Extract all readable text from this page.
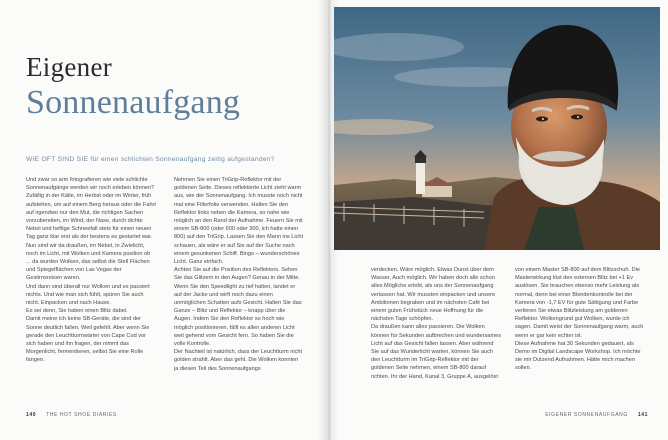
Eigener
Sonnenaufgang
WIE OFT SIND SIE für einen schlichten Sonnenaufgang zeitig aufgestanden?

Und zwar so arm fotografieren wie viele schlichte Sonnenaufgänge werden wir noch erleben können?

Zufällig in der Kälte, im Herbst oder im Winter, früh aufstehen, um auf einem Berg heraus oder die Fahrt auf irgendwo nur den Mut, die richtigen Sachen vorzubereiten, im Wind, der Nase, durch dichte Nebel und heftige Schneefall stets für einen neuen Tag ganz klar erst als der bestens es gestartet war. Nun sind wir da draußen, im Nebel, in Zwielicht, noch im Licht, mit Wolken und Kamera position ob ... da wurden Wolken, das selbst die Stell Flächen und Spiegelflächen von Las Vegas der Gestirnsreisen waren.

Und dann sind überall nur Wolken und es passiert nichts. Und wie man sich fühlt, spüren Sie auch nicht. Einpacken und nach Hause.

Es sei denn, Sie haben einen Blitz dabei.

Damit meine ich keine SB-Geräte, die sind der Sonne deutlich fallen. Weil gefehlt. Aber wenn Sie gerade den Leuchtturmwärter von Cape Cod vor sich haben und ihn fragen, der nimmt das Morgenlicht, fermentieren, selbst Sie eine Rolle fangen.

Nehmen Sie einen TriGrip-Reflektor mit der goldenen Seite. Dieses reflektierte Licht zieht warm aus, wie der Sonnenaufgang. Ich musste noch nicht mal eine Filterfolie verwenden. Halten Sie den Reflektor links neben die Kamera, so nahe wie möglich an den Rand der Aufnahme. Feuern Sie mit einem SB-800 (oder 600 oder 300, ich hatte einen 800) auf den TriGrip. Lassen Sie den Mann ins Licht schauen, als wäre er auf Sie auf der Suche nach einem gesunkenen Schiff. Bingo – wunderschönes Licht. Ganz einfach.

Achten Sie auf die Position des Reflektors. Sehen Sie das Glitzern in den Augen? Genau in der Mitte. Wenn Sie den Speedlight zu tief halten, landet er auf der Jacke und wirft noch dazu einen unmöglichen Schatten aufs Gesicht. Halten Sie das Ganze – Blitz und Reflektor – knapp über die Augen. Indem Sie den Reflektor so hoch wie möglich positionieren, fällt es allen anderen Licht weit gehend vom Gesicht fern. So haben Sie die volle Kontrolle.

Der Nachteil ist natürlich, dass der Leuchtturm nicht golden strahlt. Aber das geht. Die Wolken konnten ja diesen Teil des Sonnenaufgangs

verdecken. Wäre möglich. Etwas Dunst über dem Wasser. Auch möglich. Wir haben doch alle schon alles Mögliche erlebt, als uns der Sonnenaufgang verlassen hat. Wir mussten einpacken und unsere Ambitionen begraben und im nächsten Café bei einem guten Frühstück neue Hoffnung für die nächsten Tage schöpfen.

Da draußen kann alles passieren. Die Wolken können für Sekunden aufbrechen und wundersames Licht auf das Gesicht fallen lassen. Aber während Sie auf das Wunderlicht warten, können Sie auch den Leuchtturm im TriGrip-Reflektor mit der goldenen Seite nehmen, einem SB-800 darauf richten. Ihr der Hand, Kanal 3, Gruppe A, ausgelöst

von einem Master SB-800 auf dem Blitzschuh. Die Masterwirkung löst den externen Blitz bei +1 Ev auslösen. Sie brauchen ebenso mehr Leistung als normal, denn bei einer Blendenkontrolle bei der Kamera von -1,7 EV für gute Sättigung und Farbe verlieren Sie etwas Blitzleistung am goldenen Reflektor. Wolkengrund gut Wolken, wurde ich sagen. Damit weist der Sonnenaufgang warm, auch wenn er gar kein echter ist.

Diese Aufnahme hat 30 Sekunden gedauert, als Demo im Digital Landscape Workshop. Ich möchte sie mir Dutzend Aufnahmen. Hätte mich machen sollen.

140 THE HOT SHOE DIARIES	EIGENER SONNENAUFGANG 141
